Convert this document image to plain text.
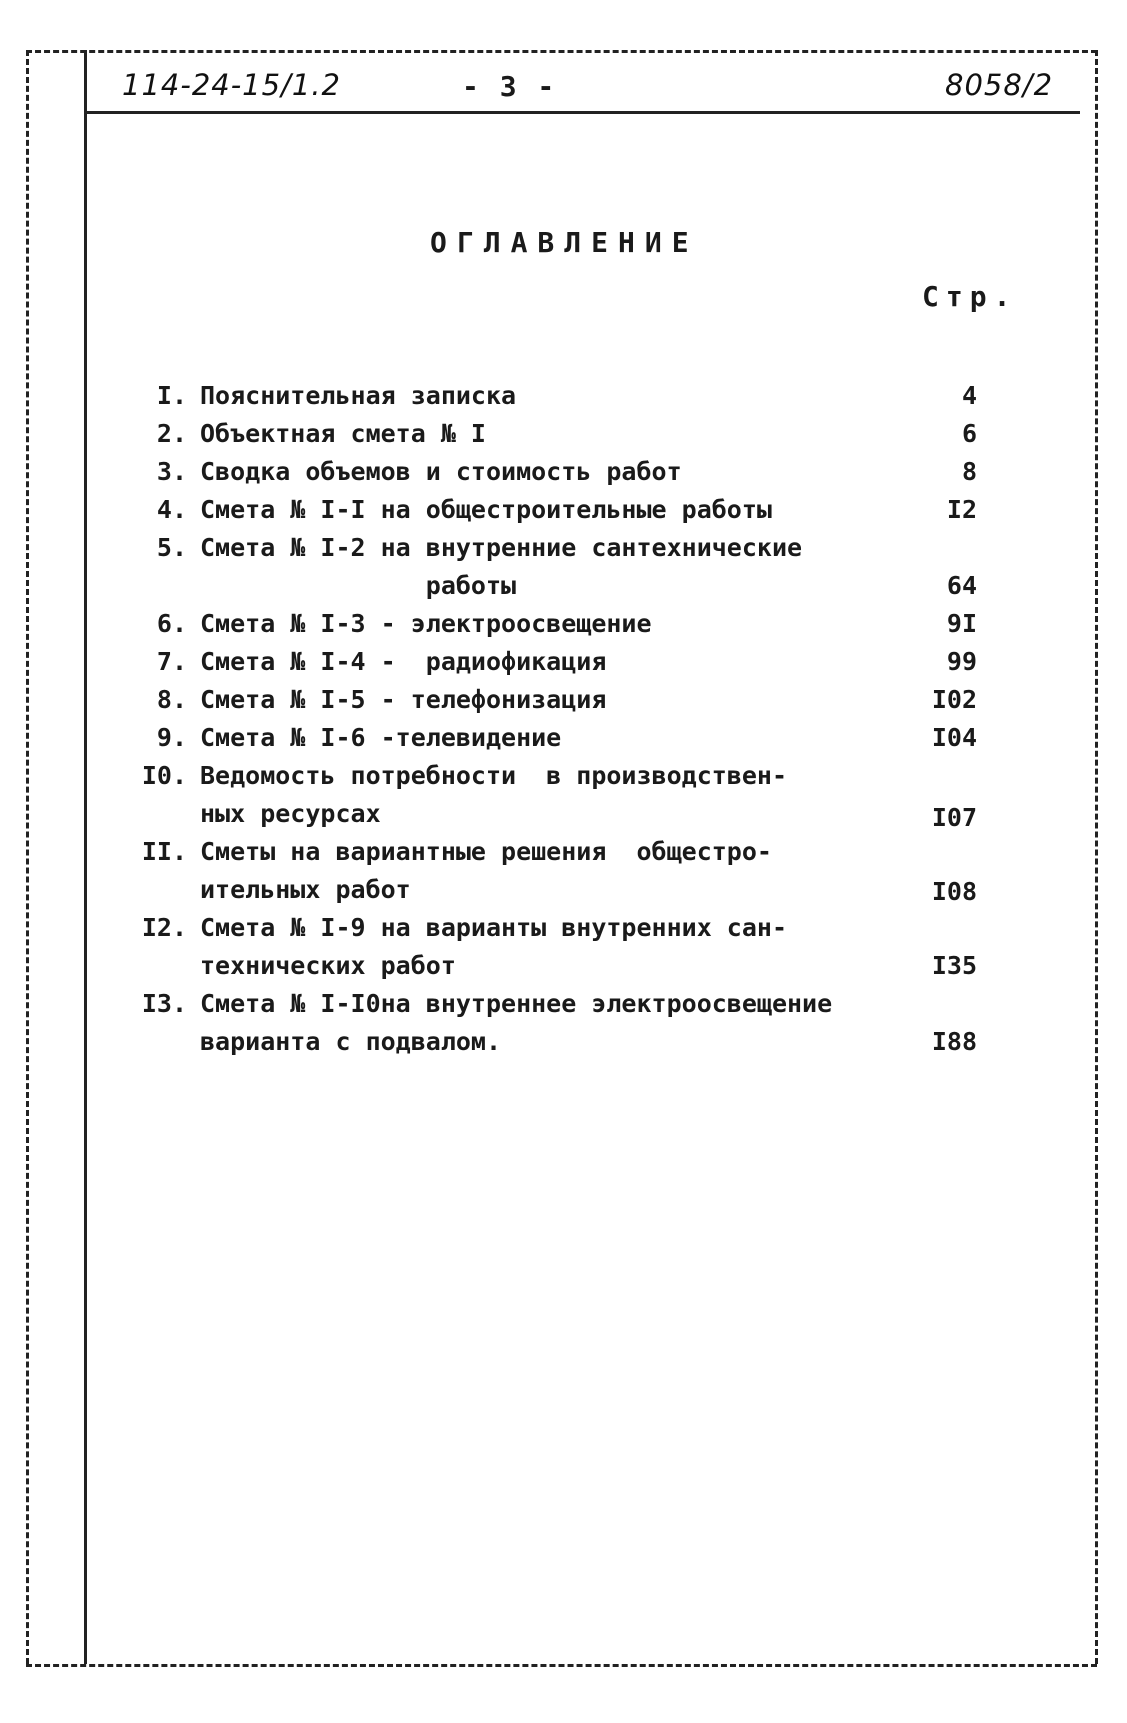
114-24-15/1.2	- 3 -	8058/2
ОГЛАВЛЕНИЕ
Стр.
I. Пояснительная записка	4
2. Объектная смета № I	6
3. Сводка объемов и стоимость работ	8
4. Смета № I-I на общестроительные работы	I2
5. Смета № I-2 на внутренние сантехнические
работы	64
6. Смета № I-3 - электроосвещение	9I
7. Смета № I-4 -  радиофикация	99
8. Смета № I-5 - телефонизация	I02
9. Смета № I-6 -телевидение	I04
I0. Ведомость потребности  в производствен-
ных ресурсах	I07
II. Сметы на вариантные решения  общестро-
ительных работ	I08
I2. Смета № I-9 на варианты внутренних сан-
технических работ	I35
I3. Смета № I-I0на внутреннее электроосвещение
варианта с подвалом.	I88
